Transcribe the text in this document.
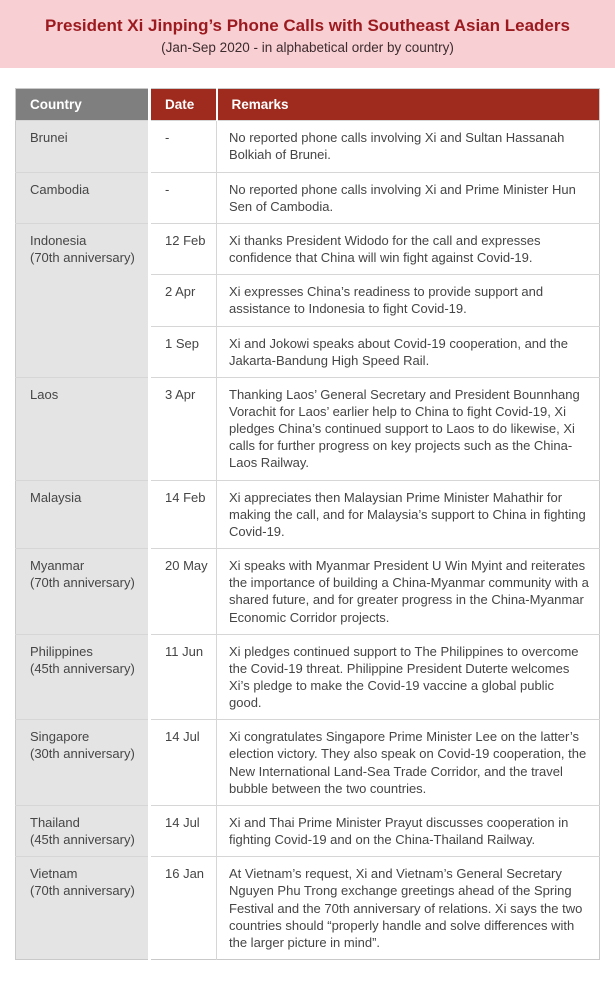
President Xi Jinping’s Phone Calls with Southeast Asian Leaders
(Jan-Sep 2020 - in alphabetical order by country)
Country	Date	Remarks

Brunei	-	No reported phone calls involving Xi and Sultan Hassanah Bolkiah of Brunei.

Cambodia	-	No reported phone calls involving Xi and Prime Minister Hun Sen of Cambodia.

Indonesia
(70th anniversary)	12 Feb	Xi thanks President Widodo for the call and expresses confidence that China will win fight against Covid-19.
	2 Apr	Xi expresses China’s readiness to provide support and assistance to Indonesia to fight Covid-19.
	1 Sep	Xi and Jokowi speaks about Covid-19 cooperation, and the Jakarta-Bandung High Speed Rail.

Laos	3 Apr	Thanking Laos’ General Secretary and President Bounnhang Vorachit for Laos’ earlier help to China to fight Covid-19, Xi pledges China’s continued support to Laos to do likewise, Xi calls for further progress on key projects such as the China-Laos Railway.

Malaysia	14 Feb	Xi appreciates then Malaysian Prime Minister Mahathir for making the call, and for Malaysia’s support to China in fighting Covid-19.

Myanmar
(70th anniversary)	20 May	Xi speaks with Myanmar President U Win Myint and reiterates the importance of building a China-Myanmar community with a shared future, and for greater progress in the China-Myanmar Economic Corridor projects.

Philippines
(45th anniversary)	11 Jun	Xi pledges continued support to The Philippines to overcome the Covid-19 threat. Philippine President Duterte welcomes Xi’s pledge to make the Covid-19 vaccine a global public good.

Singapore
(30th anniversary)	14 Jul	Xi congratulates Singapore Prime Minister Lee on the latter’s election victory. They also speak on Covid-19 cooperation, the New International Land-Sea Trade Corridor, and the travel bubble between the two countries.

Thailand
(45th anniversary)	14 Jul	Xi and Thai Prime Minister Prayut discusses cooperation in fighting Covid-19 and on the China-Thailand Railway.

Vietnam
(70th anniversary)	16 Jan	At Vietnam’s request, Xi and Vietnam’s General Secretary Nguyen Phu Trong exchange greetings ahead of the Spring Festival and the 70th anniversary of relations. Xi says the two countries should “properly handle and solve differences with the larger picture in mind”.
